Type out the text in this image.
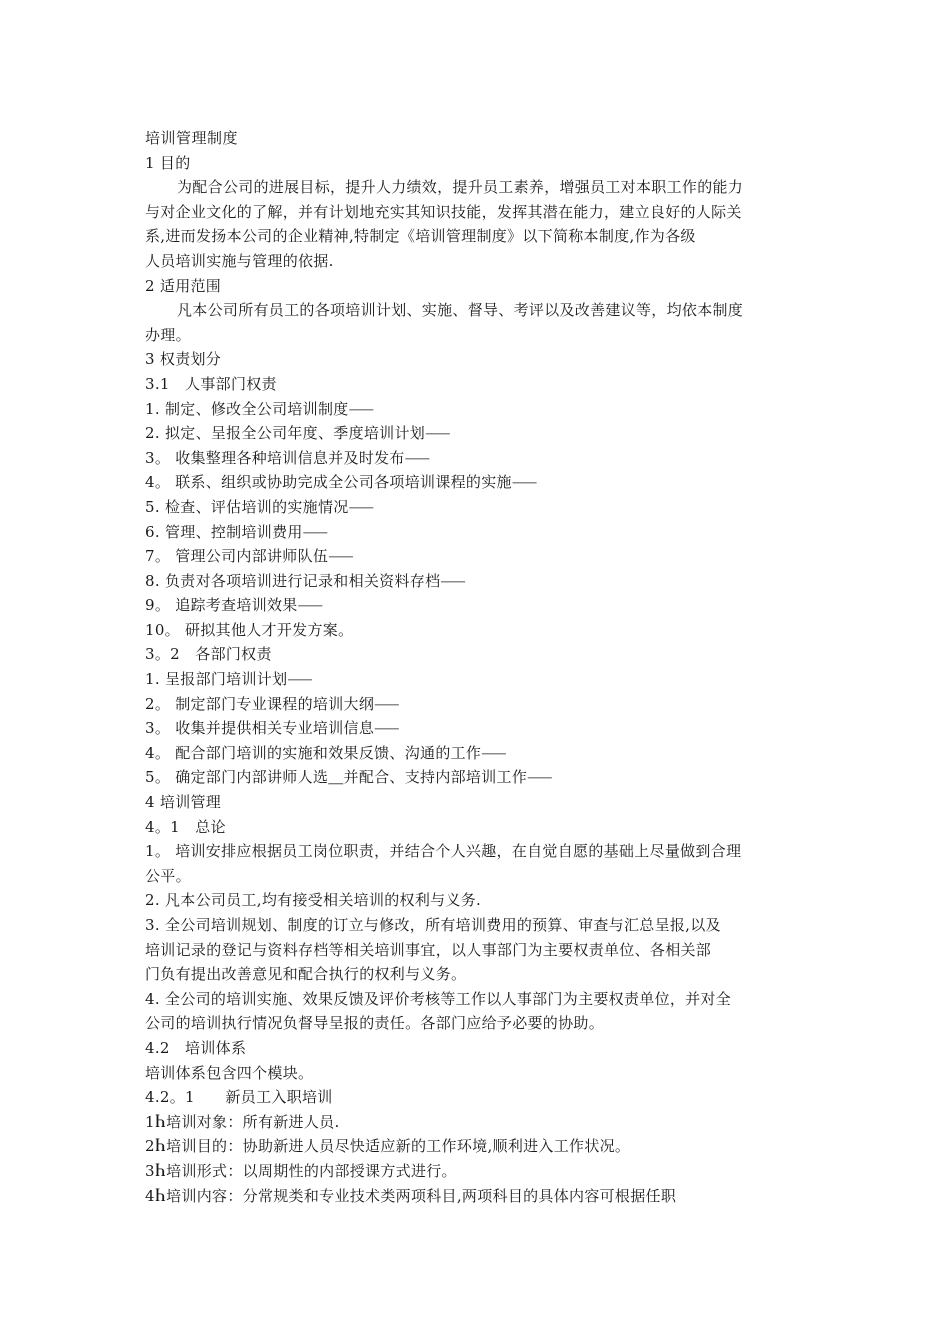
培训管理制度
1 目的
为配合公司的进展目标，提升人力绩效，提升员工素养，增强员工对本职工作的能力
与对企业文化的了解，并有计划地充实其知识技能，发挥其潜在能力，建立良好的人际关
系,进而发扬本公司的企业精神,特制定《培训管理制度》以下简称本制度,作为各级
人员培训实施与管理的依据.
2 适用范围
凡本公司所有员工的各项培训计划、实施、督导、考评以及改善建议等，均依本制度
办理。
3 权责划分
3.1　人事部门权责
1. 制定、修改全公司培训制度⸺
2. 拟定、呈报全公司年度、季度培训计划⸺
3。 收集整理各种培训信息并及时发布⸺
4。 联系、组织或协助完成全公司各项培训课程的实施⸺
5. 检查、评估培训的实施情况⸺
6. 管理、控制培训费用⸺
7。 管理公司内部讲师队伍⸺
8. 负责对各项培训进行记录和相关资料存档⸺
9。 追踪考查培训效果⸺
10。 研拟其他人才开发方案。
3。2　各部门权责
1. 呈报部门培训计划⸺
2。 制定部门专业课程的培训大纲⸺
3。 收集并提供相关专业培训信息⸺
4。 配合部门培训的实施和效果反馈、沟通的工作⸺
5。 确定部门内部讲师人选⸏并配合、支持内部培训工作⸺
4 培训管理
4。1　总论
1。 培训安排应根据员工岗位职责，并结合个人兴趣，在自觉自愿的基础上尽量做到合理
公平。
2. 凡本公司员工,均有接受相关培训的权利与义务.
3. 全公司培训规划、制度的订立与修改，所有培训费用的预算、审查与汇总呈报,以及
培训记录的登记与资料存档等相关培训事宜，以人事部门为主要权责单位、各相关部
门负有提出改善意见和配合执行的权利与义务。
4. 全公司的培训实施、效果反馈及评价考核等工作以人事部门为主要权责单位，并对全
公司的培训执行情况负督导呈报的责任。各部门应给予必要的协助。
4.2　培训体系
培训体系包含四个模块。
4.2。1　　新员工入职培训
1Ⴙ培训对象：所有新进人员.
2Ⴙ培训目的：协助新进人员尽快适应新的工作环境,顺利进入工作状况。
3Ⴙ培训形式：以周期性的内部授课方式进行。
4Ⴙ培训内容：分常规类和专业技术类两项科目,两项科目的具体内容可根据任职
